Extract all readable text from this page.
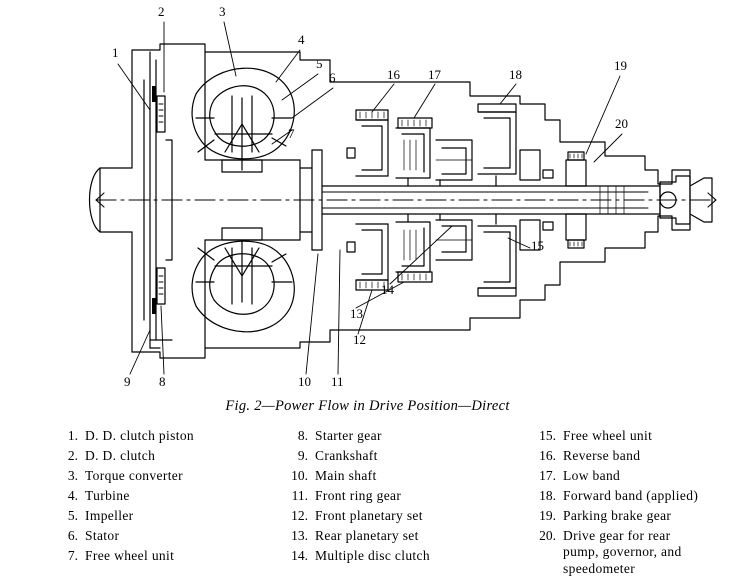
1
2	3
4
5
6
7
8
9	10 11
12
13
14
15
16 17	18
19
20
Fig. 2—Power Flow in Drive Position—Direct
1. D. D. clutch piston
2. D. D. clutch
3. Torque converter
4. Turbine
5. Impeller
6. Stator
7. Free wheel unit
8. Starter gear
9. Crankshaft
10. Main shaft
11. Front ring gear
12. Front planetary set
13. Rear planetary set
14. Multiple disc clutch
15. Free wheel unit
16. Reverse band
17. Low band
18. Forward band (applied)
19. Parking brake gear
20. Drive gear for rear
pump, governor, and
speedometer
